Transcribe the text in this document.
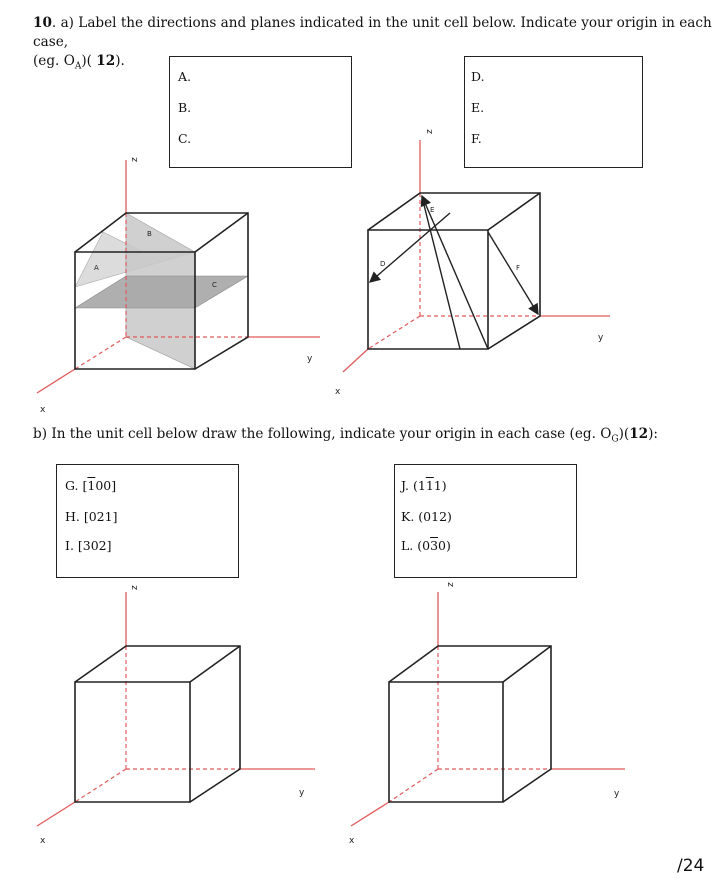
10. a) Label the directions and planes indicated in the unit cell below. Indicate your origin in each case,
(eg. $O_A$)( 12).
A.
B.
C.
D.
E.
F.
b) In the unit cell below draw the following, indicate your origin in each case (eg. $O_G)(12)$:
G. [100]
H. [021]
I. [302]
J. (111)
K. (012)
L. (030)
z
y
x
A
B
C
z
y
x
D
E
F
z
y
x
z
y
x
/24
